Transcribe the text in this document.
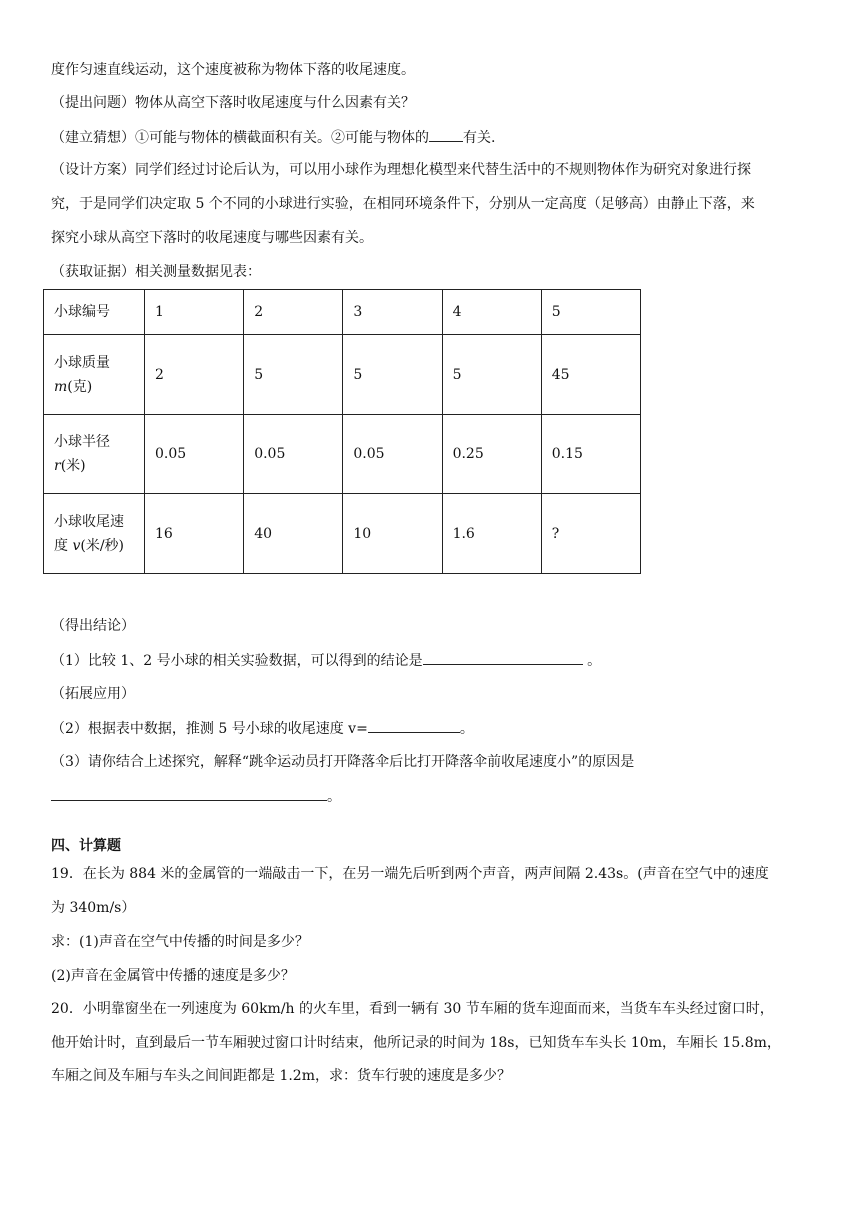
度作匀速直线运动，这个速度被称为物体下落的收尾速度。
（提出问题）物体从高空下落时收尾速度与什么因素有关？
（建立猜想）①可能与物体的横截面积有关。②可能与物体的 有关.
（设计方案）同学们经过讨论后认为，可以用小球作为理想化模型来代替生活中的不规则物体作为研究对象进行探
究，于是同学们决定取 5 个不同的小球进行实验，在相同环境条件下，分别从一定高度（足够高）由静止下落，来
探究小球从高空下落时的收尾速度与哪些因素有关。
（获取证据）相关测量数据见表：
小球编号	1	2	3	4	5

小球质量
m(克)	2	5	5	5	45

小球半径
r(米)	0.05	0.05	0.05	0.25	0.15

小球收尾速
度 v(米/秒)	16	40	10	1.6	?
（得出结论）
（1）比较 1、2 号小球的相关实验数据，可以得到的结论是	。
（拓展应用）
（2）根据表中数据，推测 5 号小球的收尾速度 v=	。
（3）请你结合上述探究，解释“跳伞运动员打开降落伞后比打开降落伞前收尾速度小”的原因是
。
四、计算题
19．在长为 884 米的金属管的一端敲击一下，在另一端先后听到两个声音，两声间隔 2.43s。(声音在空气中的速度
为 340m/s）
求：(1)声音在空气中传播的时间是多少？
(2)声音在金属管中传播的速度是多少？
20．小明靠窗坐在一列速度为 60km/h 的火车里，看到一辆有 30 节车厢的货车迎面而来，当货车车头经过窗口时，
他开始计时，直到最后一节车厢驶过窗口计时结束，他所记录的时间为 18s，已知货车车头长 10m，车厢长 15.8m，
车厢之间及车厢与车头之间间距都是 1.2m，求：货车行驶的速度是多少？
